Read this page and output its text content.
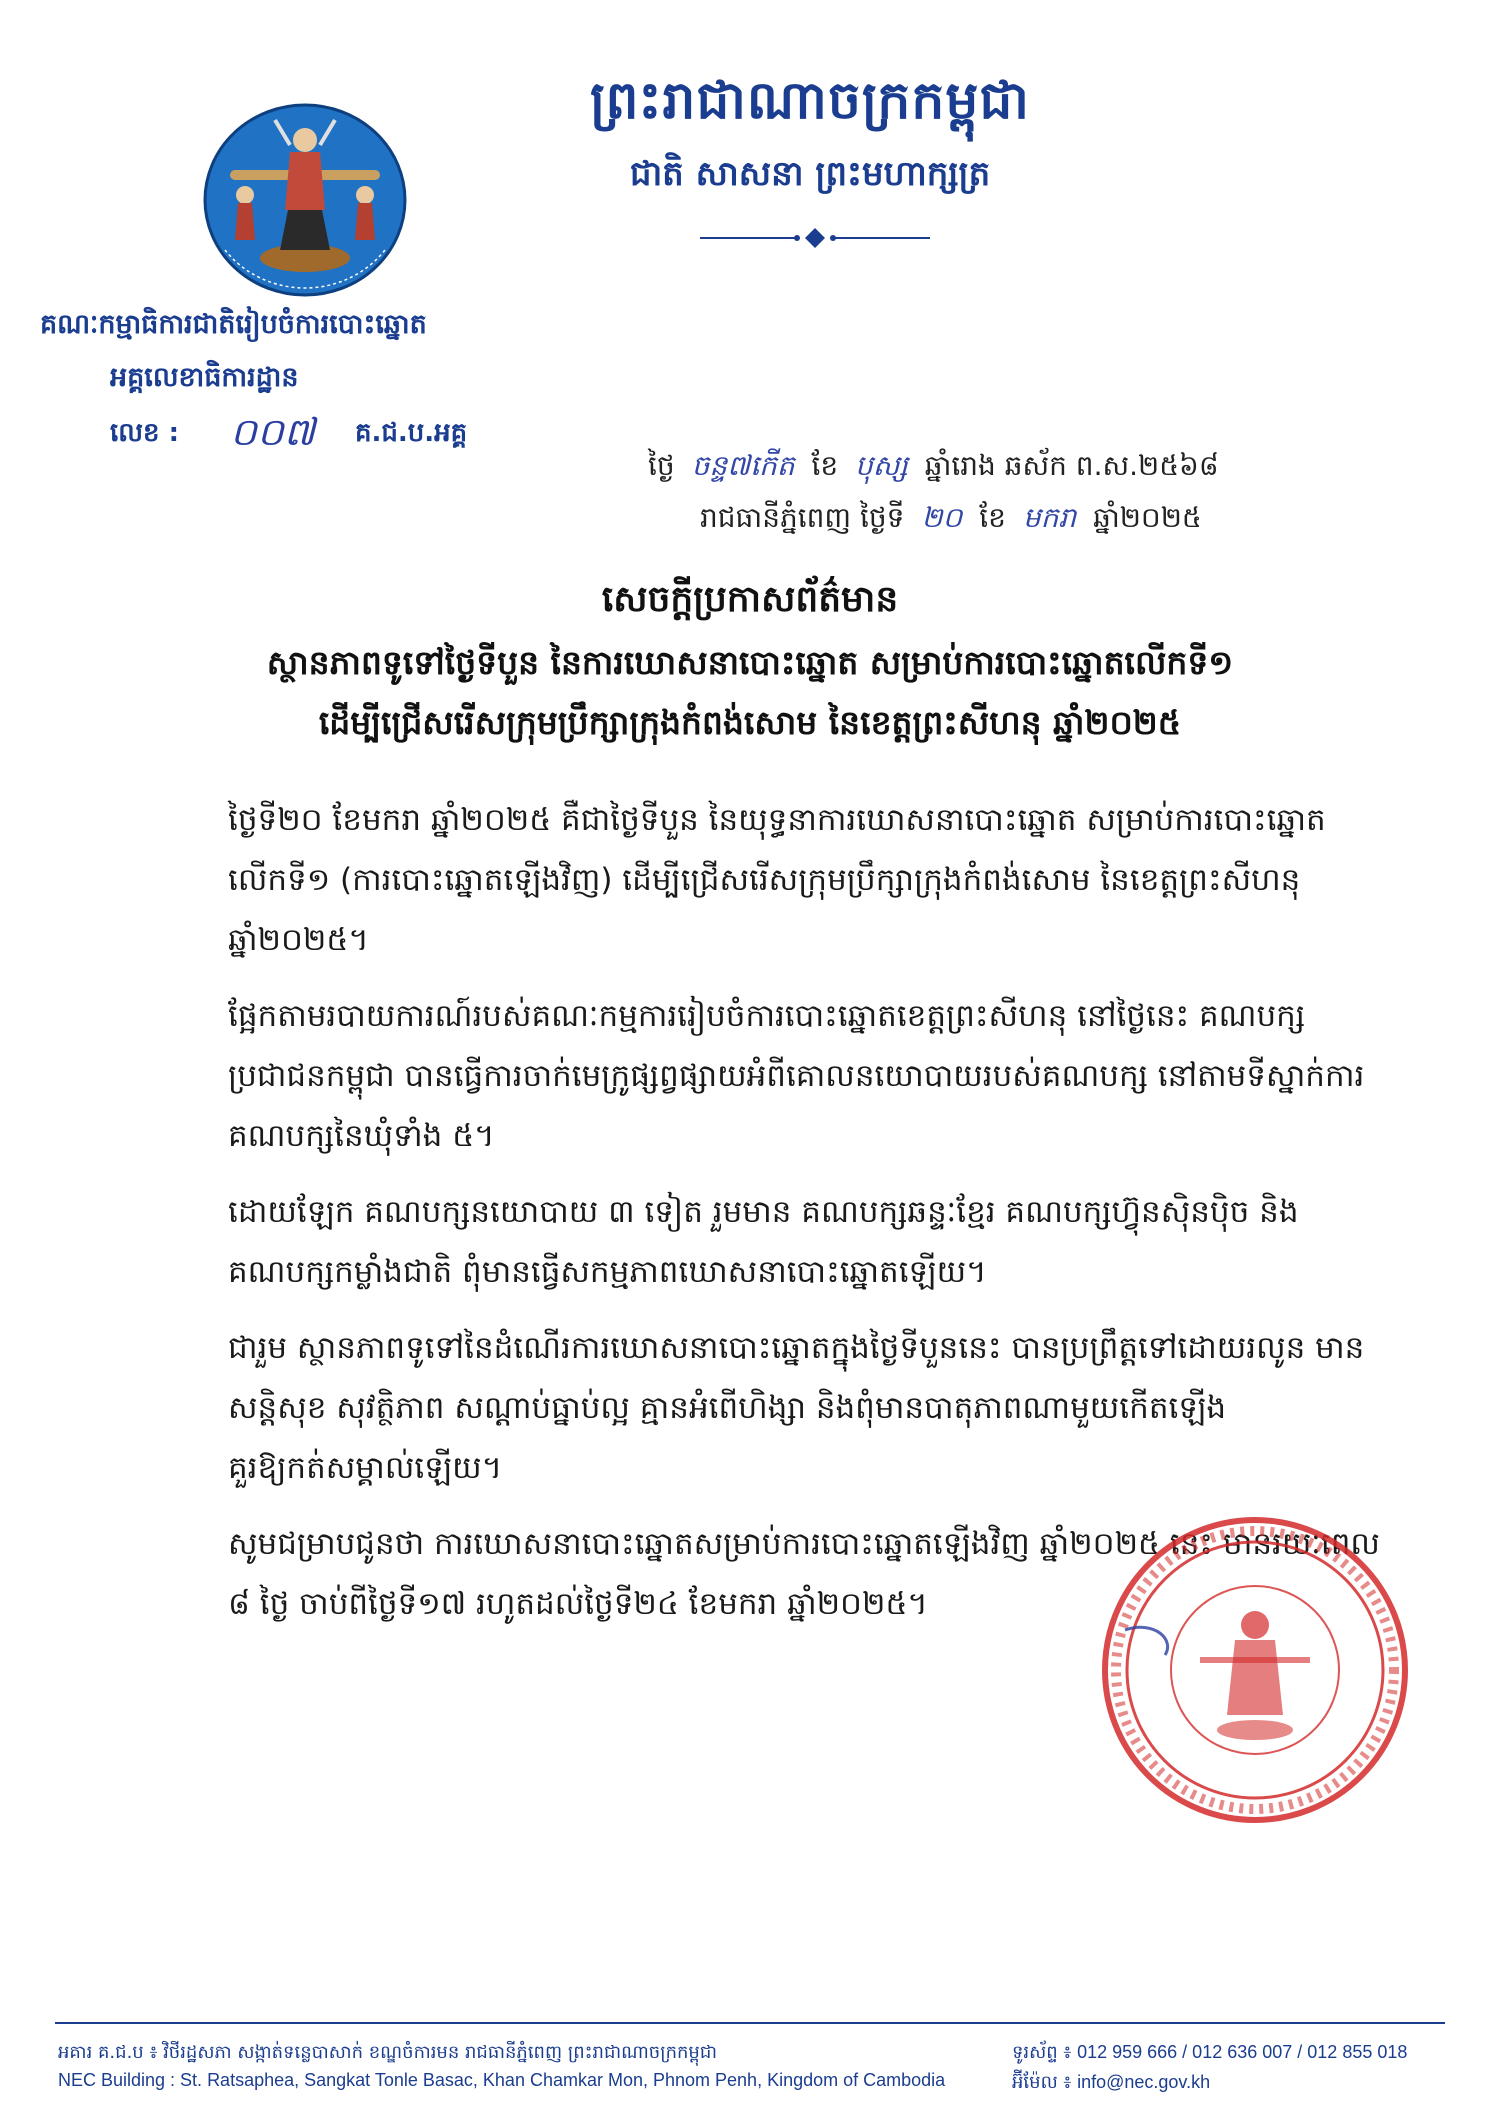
ព្រះរាជាណាចក្រកម្ពុជា
ជាតិ សាសនា ព្រះមហាក្សត្រ
គណៈកម្មាធិការជាតិរៀបចំការបោះឆ្នោត
អគ្គលេខាធិការដ្ឋាន
លេខ : ០០៧ គ.ជ.ប.អគ្គ
ថ្ងៃ ចន្ទ៧កើត ខែ បុស្ស ឆ្នាំរោង ឆស័ក ព.ស.២៥៦៨
រាជធានីភ្នំពេញ ថ្ងៃទី ២០ ខែ មករា ឆ្នាំ២០២៥
សេចក្តីប្រកាសព័ត៌មាន
ស្ថានភាពទូទៅថ្ងៃទីបួន នៃការឃោសនាបោះឆ្នោត សម្រាប់ការបោះឆ្នោតលើកទី១
ដើម្បីជ្រើសរើសក្រុមប្រឹក្សាក្រុងកំពង់សោម នៃខេត្តព្រះសីហនុ ឆ្នាំ២០២៥

ថ្ងៃទី២០ ខែមករា ឆ្នាំ២០២៥ គឺជាថ្ងៃទីបួន នៃយុទ្ធនាការឃោសនាបោះឆ្នោត សម្រាប់ការបោះឆ្នោតលើកទី១ (ការបោះឆ្នោតឡើងវិញ) ដើម្បីជ្រើសរើសក្រុមប្រឹក្សាក្រុងកំពង់សោម នៃខេត្តព្រះសីហនុ ឆ្នាំ២០២៥។

ផ្អែកតាមរបាយការណ៍របស់គណៈកម្មការរៀបចំការបោះឆ្នោតខេត្តព្រះសីហនុ នៅថ្ងៃនេះ គណបក្សប្រជាជនកម្ពុជា បានធ្វើការចាក់មេក្រូផ្សព្វផ្សាយអំពីគោលនយោបាយរបស់គណបក្ស នៅតាមទីស្នាក់ការគណបក្សនៃឃុំទាំង ៥។

ដោយឡែក គណបក្សនយោបាយ ៣ ទៀត រួមមាន គណបក្សឆន្ទៈខ្មែរ គណបក្សហ៊្វុនស៊ិនប៉ិច និងគណបក្សកម្លាំងជាតិ ពុំមានធ្វើសកម្មភាពឃោសនាបោះឆ្នោតឡើយ។

ជារួម ស្ថានភាពទូទៅនៃដំណើរការឃោសនាបោះឆ្នោតក្នុងថ្ងៃទីបួននេះ បានប្រព្រឹត្តទៅដោយរលូន មានសន្តិសុខ សុវត្ថិភាព សណ្តាប់ធ្នាប់ល្អ គ្មានអំពើហិង្សា និងពុំមានបាតុភាពណាមួយកើតឡើងគួរឱ្យកត់សម្គាល់ឡើយ។

សូមជម្រាបជូនថា ការឃោសនាបោះឆ្នោតសម្រាប់ការបោះឆ្នោតឡើងវិញ ឆ្នាំ២០២៥ នេះ មានរយៈពេល ៨ ថ្ងៃ ចាប់ពីថ្ងៃទី១៧ រហូតដល់ថ្ងៃទី២៤ ខែមករា ឆ្នាំ២០២៥។

អគារ គ.ជ.ប ៖ វិថីរដ្ឋសភា សង្កាត់ទន្លេបាសាក់ ខណ្ឌចំការមន រាជធានីភ្នំពេញ ព្រះរាជាណាចក្រកម្ពុជា
NEC Building : St. Ratsaphea, Sangkat Tonle Basac, Khan Chamkar Mon, Phnom Penh, Kingdom of Cambodia
ទូរស័ព្ទ ៖ 012 959 666 / 012 636 007 / 012 855 018
អ៊ីម៉ែល ៖ info@nec.gov.kh
